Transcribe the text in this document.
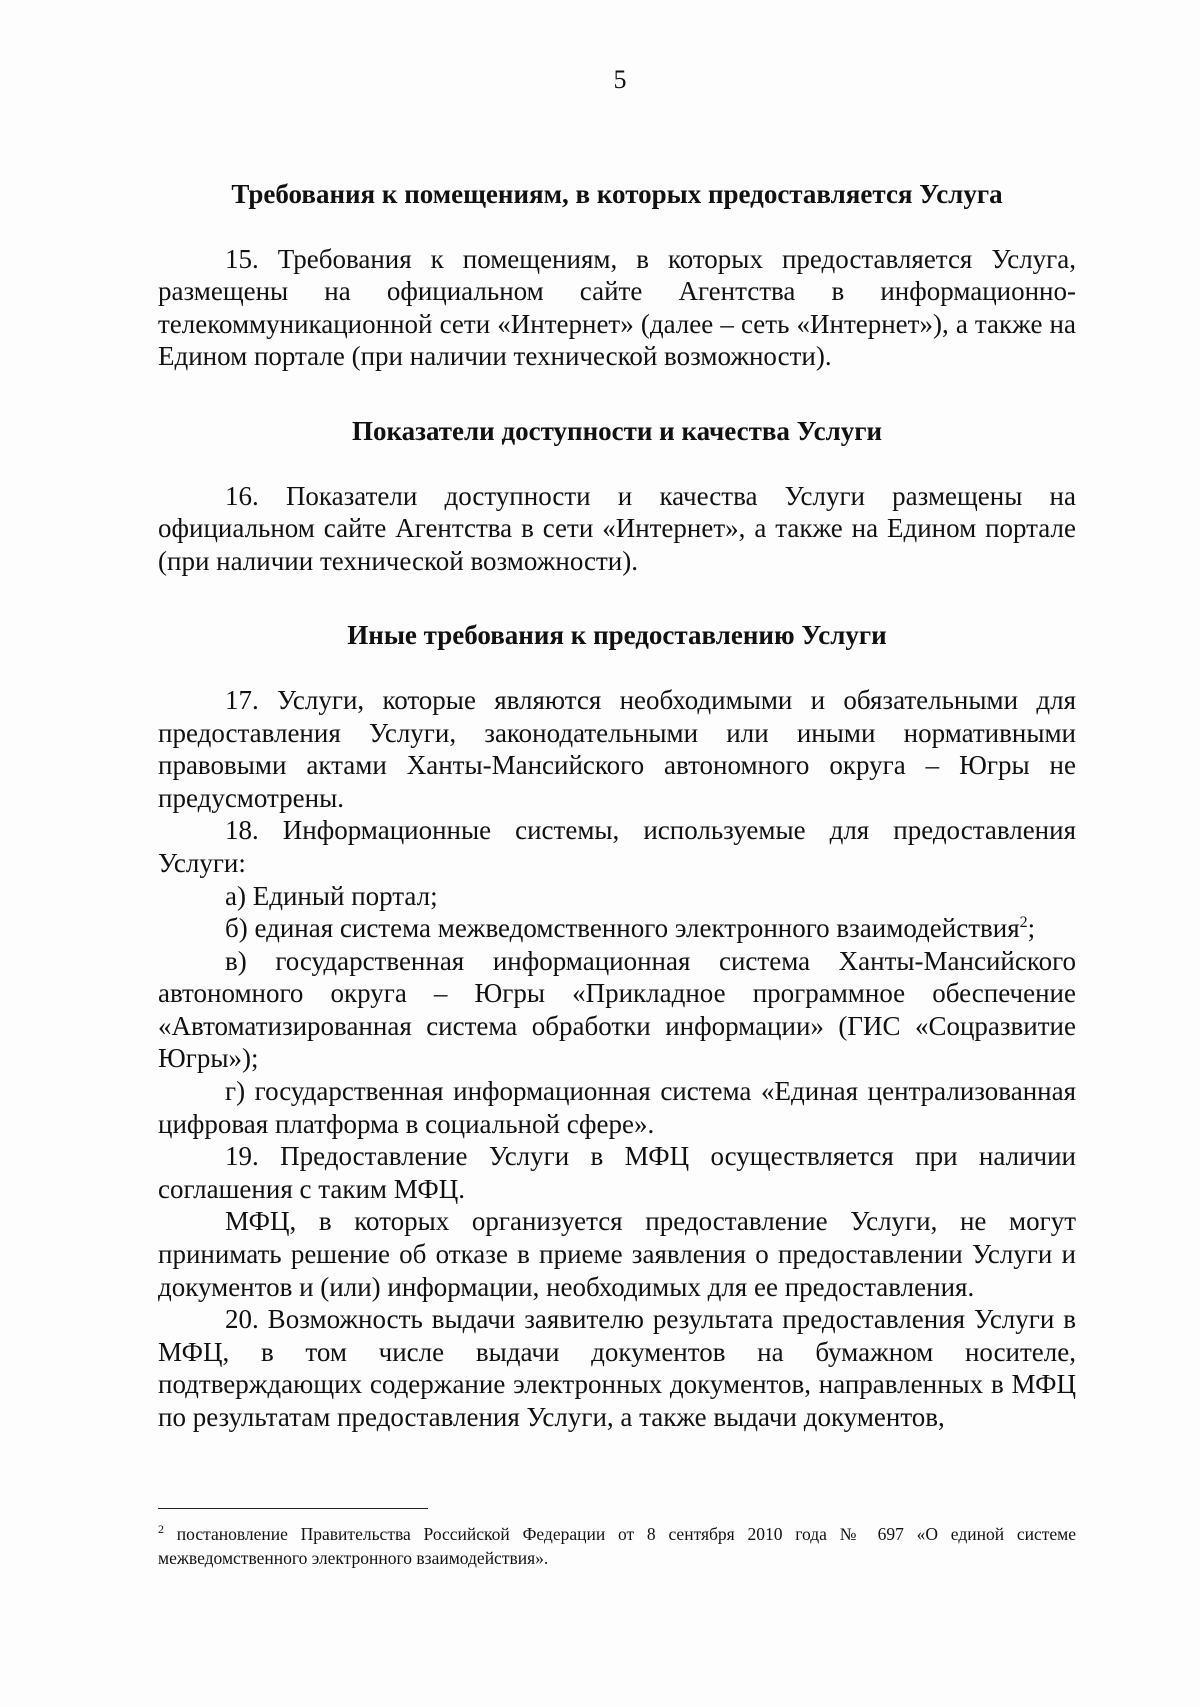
5
Требования к помещениям, в которых предоставляется Услуга

15. Требования к помещениям, в которых предоставляется Услуга, размещены на официальном сайте Агентства в информационно-телекоммуникационной сети «Интернет» (далее – сеть «Интернет»), а также на Едином портале (при наличии технической возможности).

Показатели доступности и качества Услуги

16. Показатели доступности и качества Услуги размещены на официальном сайте Агентства в сети «Интернет», а также на Едином портале (при наличии технической возможности).

Иные требования к предоставлению Услуги

17. Услуги, которые являются необходимыми и обязательными для предоставления Услуги, законодательными или иными нормативными правовыми актами Ханты-Мансийского автономного округа – Югры не предусмотрены.

18. Информационные системы, используемые для предоставления Услуги:

а) Единый портал;

б) единая система межведомственного электронного взаимодействия$^2$;

в) государственная информационная система Ханты-Мансийского автономного округа – Югры «Прикладное программное обеспечение «Автоматизированная система обработки информации» (ГИС «Соцразвитие Югры»);

г) государственная информационная система «Единая централизованная цифровая платформа в социальной сфере».

19. Предоставление Услуги в МФЦ осуществляется при наличии соглашения с таким МФЦ.

МФЦ, в которых организуется предоставление Услуги, не могут принимать решение об отказе в приеме заявления о предоставлении Услуги и документов и (или) информации, необходимых для ее предоставления.

20. Возможность выдачи заявителю результата предоставления Услуги в МФЦ, в том числе выдачи документов на бумажном носителе, подтверждающих содержание электронных документов, направленных в МФЦ по результатам предоставления Услуги, а также выдачи документов,

$^2$ постановление Правительства Российской Федерации от 8 сентября 2010 года № 697 «О единой системе межведомственного электронного взаимодействия».
